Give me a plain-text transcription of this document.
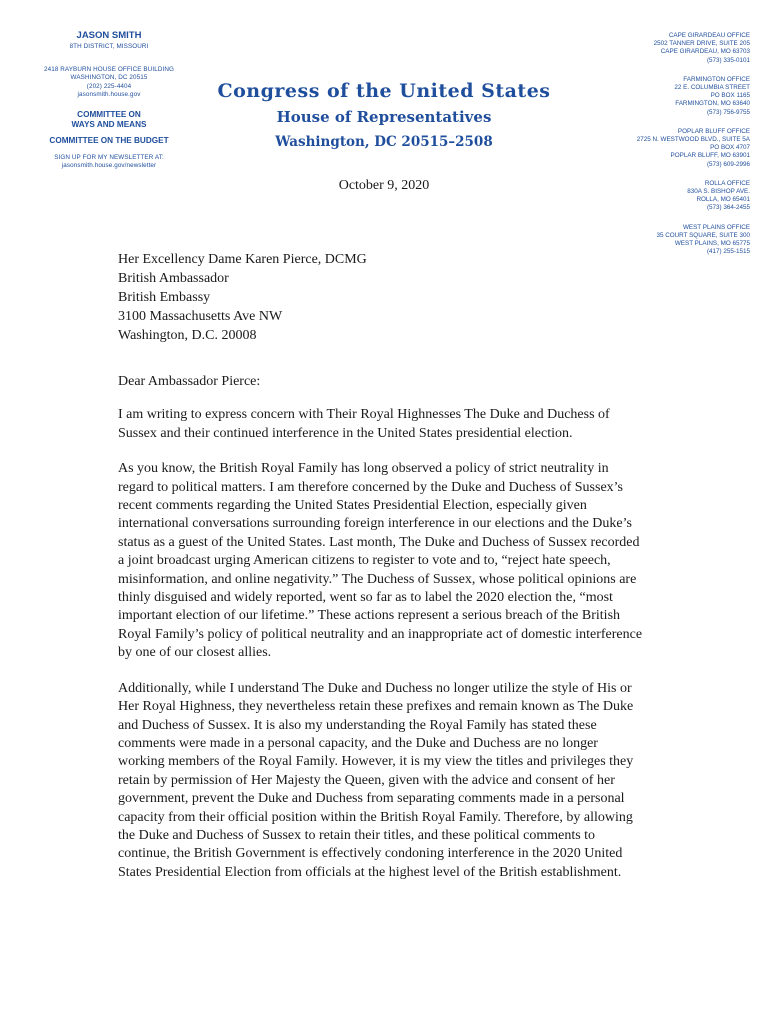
JASON SMITH
8TH DISTRICT, MISSOURI
2418 RAYBURN HOUSE OFFICE BUILDING
WASHINGTON, DC 20515
(202) 225-4404
jasonsmith.house.gov
COMMITTEE ON
WAYS AND MEANS
COMMITTEE ON THE BUDGET
SIGN UP FOR MY NEWSLETTER AT:
jasonsmith.house.gov/newsletter
Congress of the United States
House of Representatives
Washington, DC 20515–2508
October 9, 2020
CAPE GIRARDEAU OFFICE
2502 TANNER DRIVE, SUITE 205
CAPE GIRARDEAU, MO 63703
(573) 335-0101
FARMINGTON OFFICE
22 E. COLUMBIA STREET
PO BOX 1165
FARMINGTON, MO 63640
(573) 756-9755
POPLAR BLUFF OFFICE
2725 N. WESTWOOD BLVD., SUITE 5A
PO BOX 4707
POPLAR BLUFF, MO 63901
(573) 609-2996
ROLLA OFFICE
830A S. BISHOP AVE.
ROLLA, MO 65401
(573) 364-2455
WEST PLAINS OFFICE
35 COURT SQUARE, SUITE 300
WEST PLAINS, MO 65775
(417) 255-1515
Her Excellency Dame Karen Pierce, DCMG
British Ambassador
British Embassy
3100 Massachusetts Ave NW
Washington, D.C. 20008

Dear Ambassador Pierce:

I am writing to express concern with Their Royal Highnesses The Duke and Duchess of Sussex and their continued interference in the United States presidential election.

As you know, the British Royal Family has long observed a policy of strict neutrality in regard to political matters. I am therefore concerned by the Duke and Duchess of Sussex’s recent comments regarding the United States Presidential Election, especially given international conversations surrounding foreign interference in our elections and the Duke’s status as a guest of the United States. Last month, The Duke and Duchess of Sussex recorded a joint broadcast urging American citizens to register to vote and to, “reject hate speech, misinformation, and online negativity.” The Duchess of Sussex, whose political opinions are thinly disguised and widely reported, went so far as to label the 2020 election the, “most important election of our lifetime.” These actions represent a serious breach of the British Royal Family’s policy of political neutrality and an inappropriate act of domestic interference by one of our closest allies.

Additionally, while I understand The Duke and Duchess no longer utilize the style of His or Her Royal Highness, they nevertheless retain these prefixes and remain known as The Duke and Duchess of Sussex. It is also my understanding the Royal Family has stated these comments were made in a personal capacity, and the Duke and Duchess are no longer working members of the Royal Family. However, it is my view the titles and privileges they retain by permission of Her Majesty the Queen, given with the advice and consent of her government, prevent the Duke and Duchess from separating comments made in a personal capacity from their official position within the British Royal Family. Therefore, by allowing the Duke and Duchess of Sussex to retain their titles, and these political comments to continue, the British Government is effectively condoning interference in the 2020 United States Presidential Election from officials at the highest level of the British establishment.
